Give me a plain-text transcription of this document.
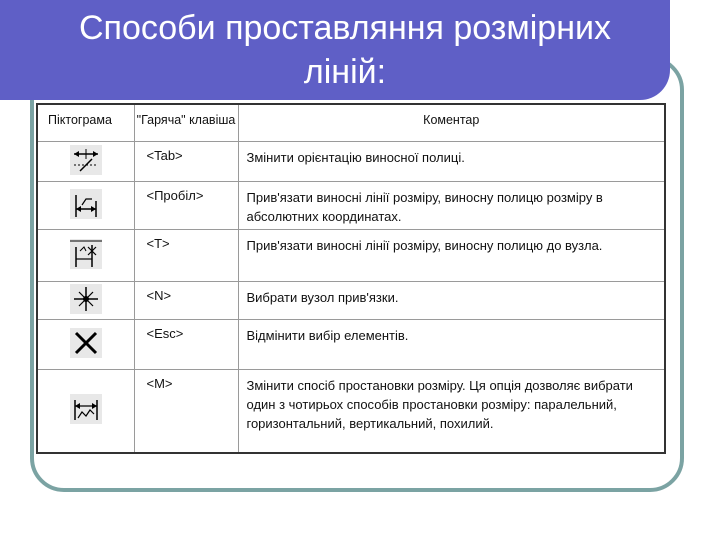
Способи проставляння розмірних
ліній:
Піктограма	"Гаряча" клавіша	Коментар
	<Tab>	Змінити орієнтацію виносної полиці.
	<Пробіл>	Прив'язати виносні лінії розміру, виносну полицю розміру в абсолютних координатах.
	<T>	Прив'язати виносні лінії розміру, виносну полицю до вузла.
	<N>	Вибрати вузол прив'язки.
	<Esc>	Відмінити вибір елементів.
	<M>	Змінити спосіб простановки розміру. Ця опція дозволяє вибрати один з чотирьох способів простановки розміру: паралельний, горизонтальний, вертикальний, похилий.
